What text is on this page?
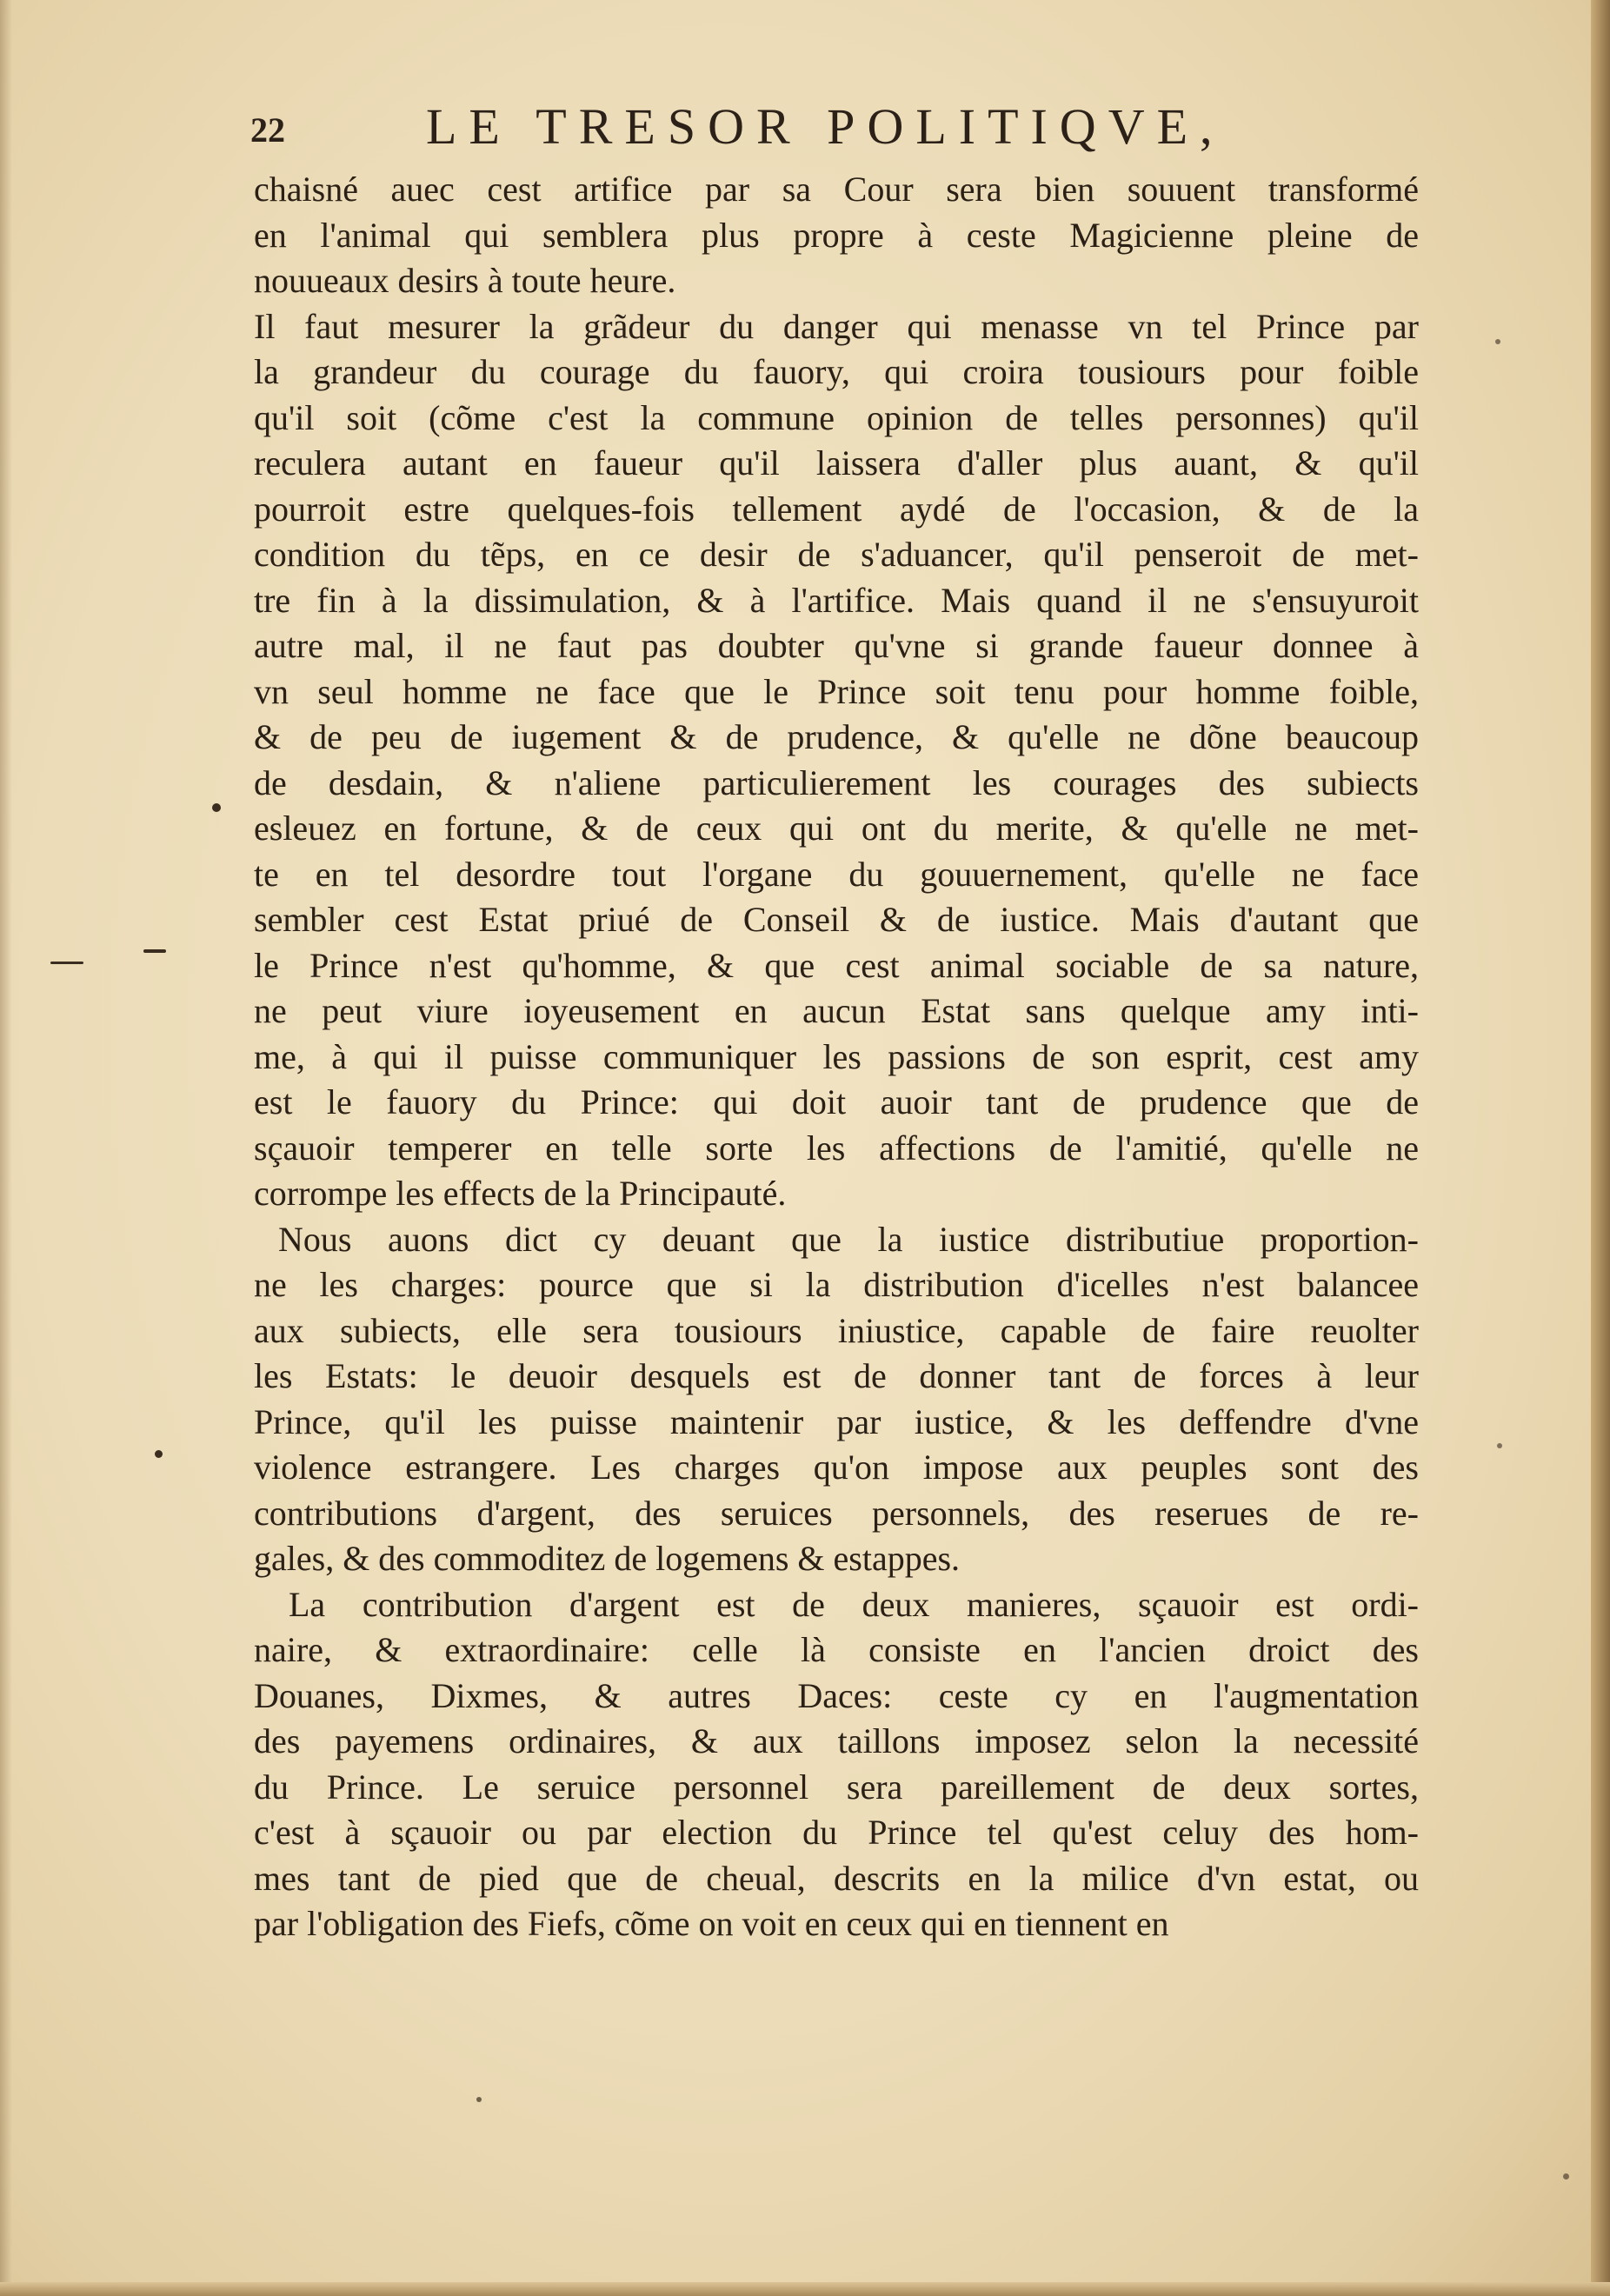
22	LE TRESOR POLITIQVE,
chaisné auec cest artifice par sa Cour sera bien souuent transformé
en l'animal qui semblera plus propre à ceste Magicienne pleine de
nouueaux desirs à toute heure.
Il faut mesurer la grãdeur du danger qui menasse vn tel Prince par
la grandeur du courage du fauory, qui croira tousiours pour foible
qu'il soit (cõme c'est la commune opinion de telles personnes) qu'il
reculera autant en faueur qu'il laissera d'aller plus auant, & qu'il
pourroit estre quelques-fois tellement aydé de l'occasion, & de la
condition du tẽps, en ce desir de s'aduancer, qu'il penseroit de met-
tre fin à la dissimulation, & à l'artifice. Mais quand il ne s'ensuyuroit
autre mal, il ne faut pas doubter qu'vne si grande faueur donnee à
vn seul homme ne face que le Prince soit tenu pour homme foible,
& de peu de iugement & de prudence, & qu'elle ne dõne beaucoup
de desdain, & n'aliene particulierement les courages des subiects
esleuez en fortune, & de ceux qui ont du merite, & qu'elle ne met-
te en tel desordre tout l'organe du gouuernement, qu'elle ne face
sembler cest Estat priué de Conseil & de iustice. Mais d'autant que
le Prince n'est qu'homme, & que cest animal sociable de sa nature,
ne peut viure ioyeusement en aucun Estat sans quelque amy inti-
me, à qui il puisse communiquer les passions de son esprit, cest amy
est le fauory du Prince: qui doit auoir tant de prudence que de
sçauoir temperer en telle sorte les affections de l'amitié, qu'elle ne
corrompe les effects de la Principauté.
Nous auons dict cy deuant que la iustice distributiue proportion-
ne les charges: pource que si la distribution d'icelles n'est balancee
aux subiects, elle sera tousiours iniustice, capable de faire reuolter
les Estats: le deuoir desquels est de donner tant de forces à leur
Prince, qu'il les puisse maintenir par iustice, & les deffendre d'vne
violence estrangere. Les charges qu'on impose aux peuples sont des
contributions d'argent, des seruices personnels, des reserues de re-
gales, & des commoditez de logemens & estappes.
La contribution d'argent est de deux manieres, sçauoir est ordi-
naire, & extraordinaire: celle là consiste en l'ancien droict des
Douanes, Dixmes, & autres Daces: ceste cy en l'augmentation
des payemens ordinaires, & aux taillons imposez selon la necessité
du Prince. Le seruice personnel sera pareillement de deux sortes,
c'est à sçauoir ou par election du Prince tel qu'est celuy des hom-
mes tant de pied que de cheual, descrits en la milice d'vn estat, ou
par l'obligation des Fiefs, cõme on voit en ceux qui en tiennent en
